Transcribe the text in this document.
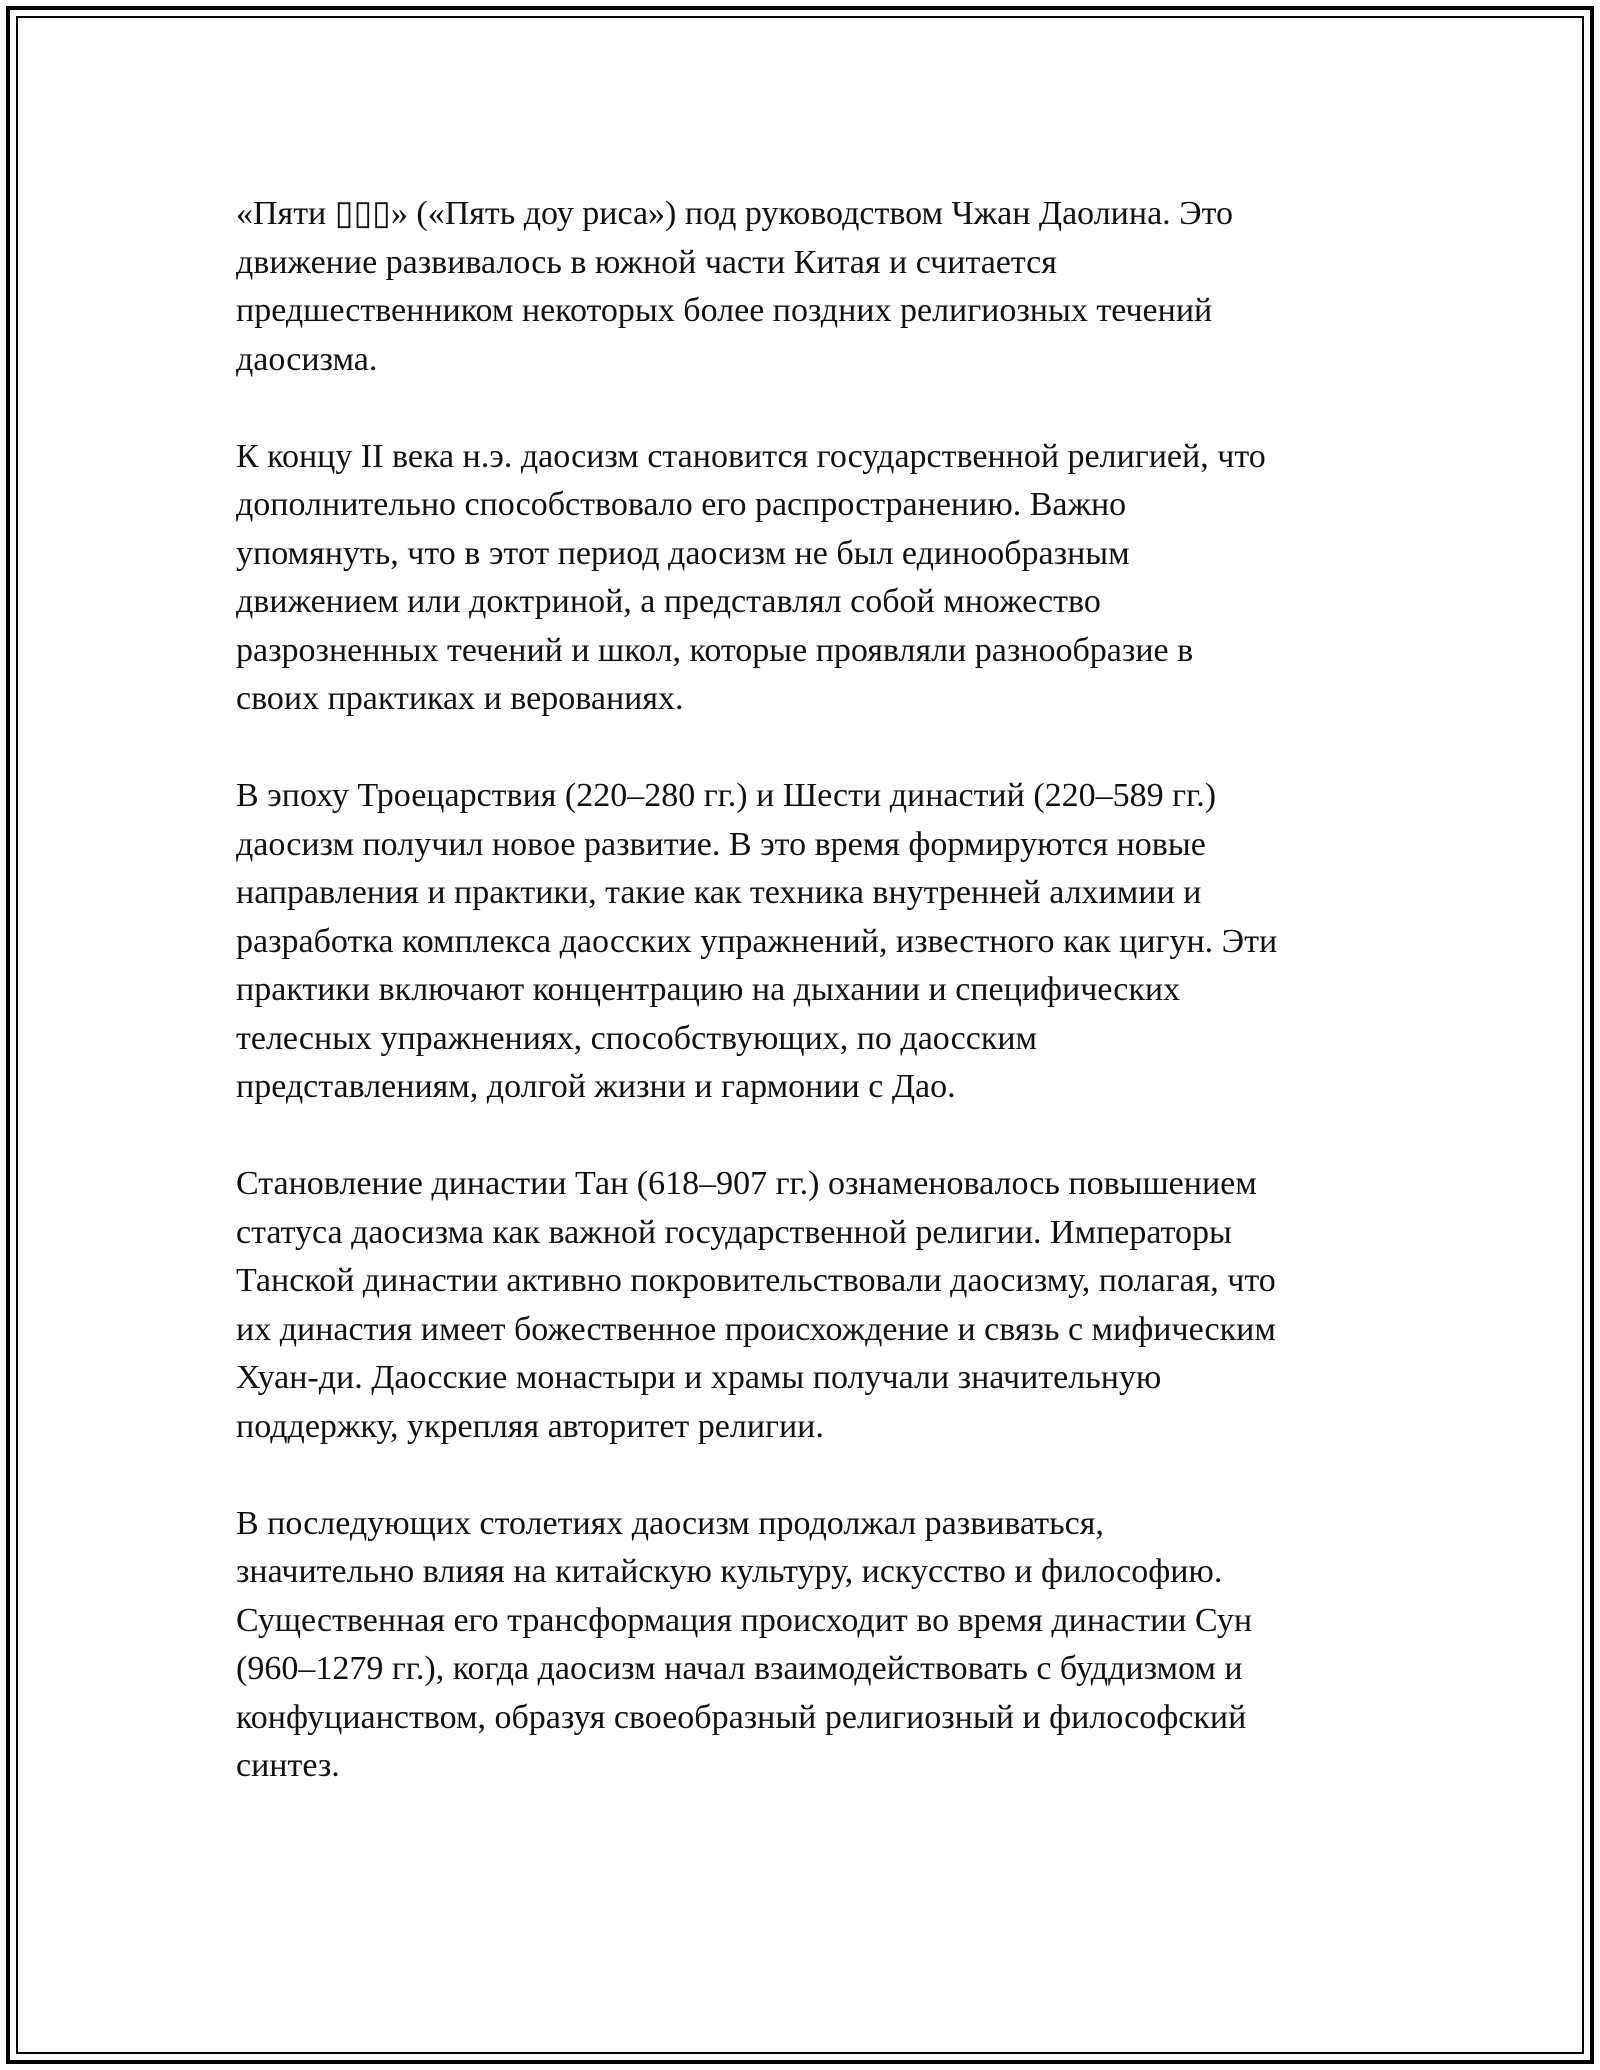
«Пяти ▯▯▯» («Пять доу риса») под руководством Чжан Даолина. Это
движение развивалось в южной части Китая и считается
предшественником некоторых более поздних религиозных течений
даосизма.

К концу II века н.э. даосизм становится государственной религией, что
дополнительно способствовало его распространению. Важно
упомянуть, что в этот период даосизм не был единообразным
движением или доктриной, а представлял собой множество
разрозненных течений и школ, которые проявляли разнообразие в
своих практиках и верованиях.

В эпоху Троецарствия (220–280 гг.) и Шести династий (220–589 гг.)
даосизм получил новое развитие. В это время формируются новые
направления и практики, такие как техника внутренней алхимии и
разработка комплекса даосских упражнений, известного как цигун. Эти
практики включают концентрацию на дыхании и специфических
телесных упражнениях, способствующих, по даосским
представлениям, долгой жизни и гармонии с Дао.

Становление династии Тан (618–907 гг.) ознаменовалось повышением
статуса даосизма как важной государственной религии. Императоры
Танской династии активно покровительствовали даосизму, полагая, что
их династия имеет божественное происхождение и связь с мифическим
Хуан-ди. Даосские монастыри и храмы получали значительную
поддержку, укрепляя авторитет религии.

В последующих столетиях даосизм продолжал развиваться,
значительно влияя на китайскую культуру, искусство и философию.
Существенная его трансформация происходит во время династии Сун
(960–1279 гг.), когда даосизм начал взаимодействовать с буддизмом и
конфуцианством, образуя своеобразный религиозный и философский
синтез.
